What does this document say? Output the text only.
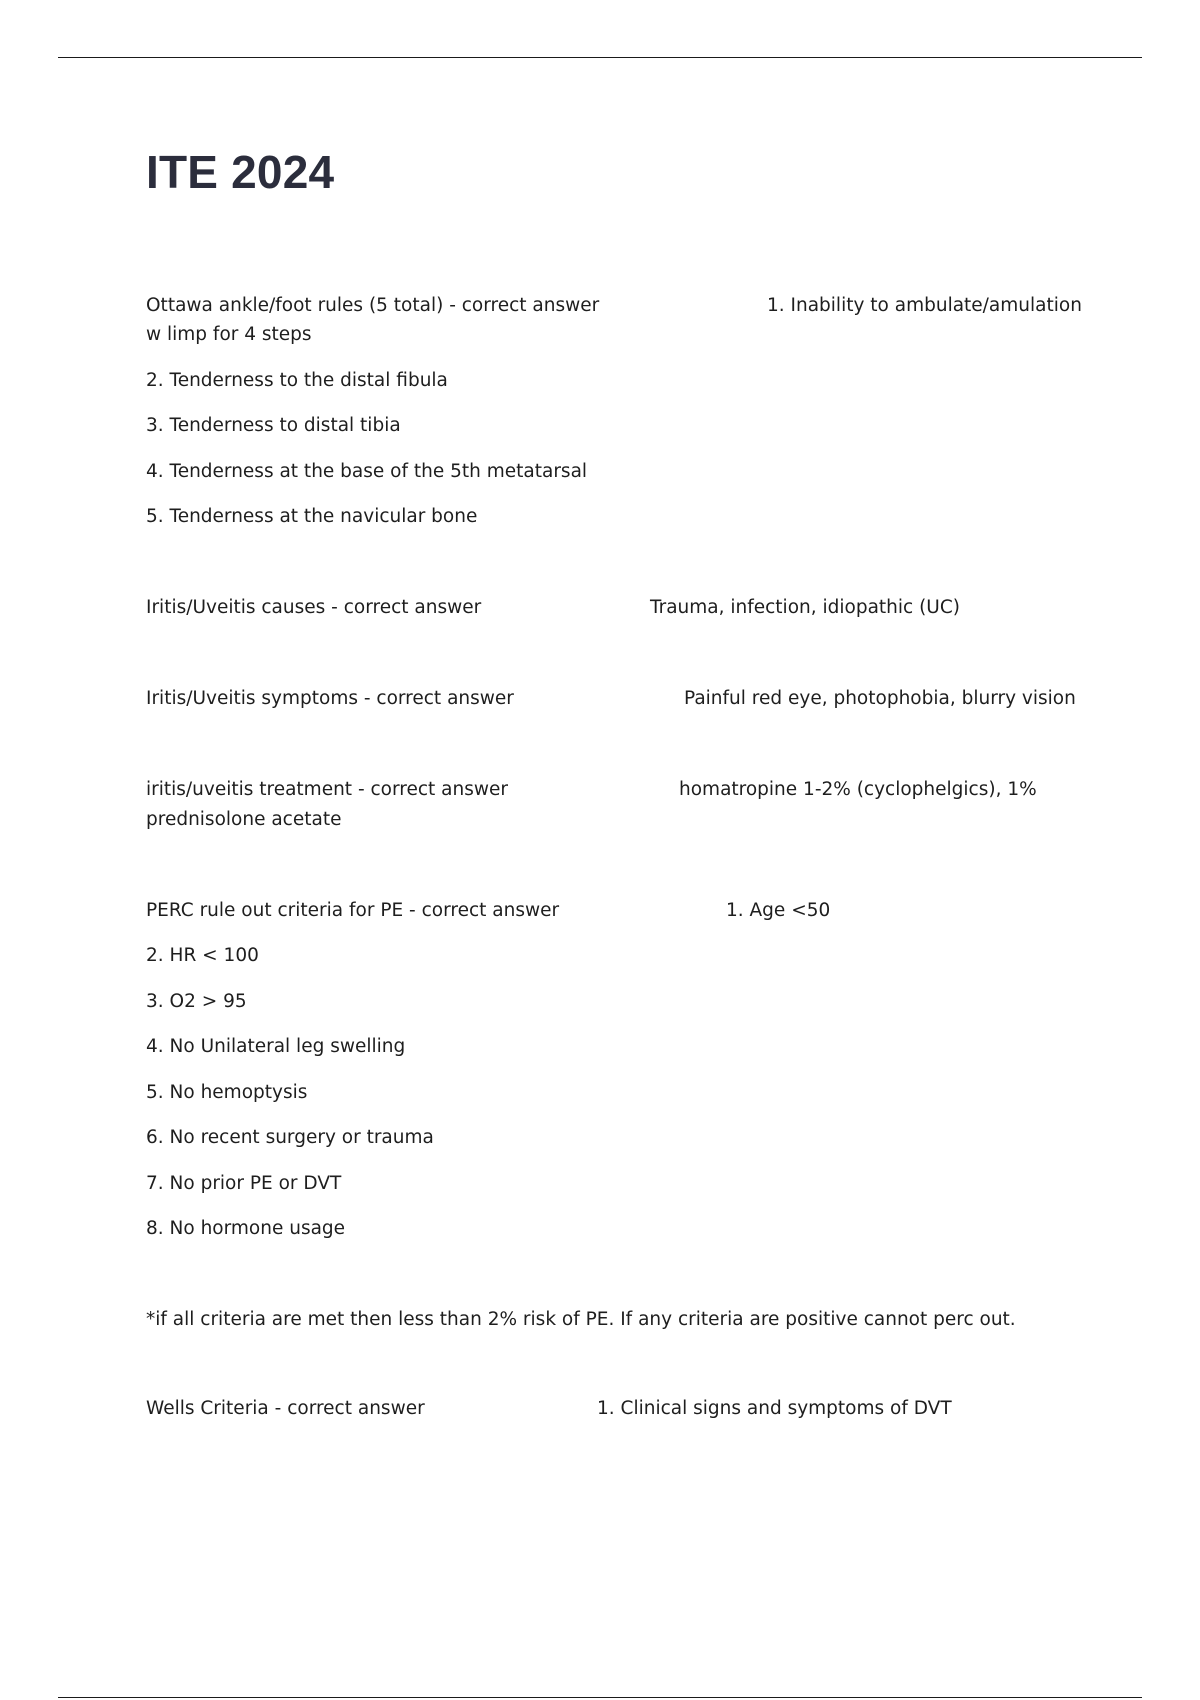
ITE 2024
Ottawa ankle/foot rules (5 total) - correct answer	1. Inability to ambulate/amulation
w limp for 4 steps
2. Tenderness to the distal fibula
3. Tenderness to distal tibia
4. Tenderness at the base of the 5th metatarsal
5. Tenderness at the navicular bone
Iritis/Uveitis causes - correct answer	Trauma, infection, idiopathic (UC)
Iritis/Uveitis symptoms - correct answer	Painful red eye, photophobia, blurry vision
iritis/uveitis treatment - correct answer	homatropine 1-2% (cyclophelgics), 1%
prednisolone acetate
PERC rule out criteria for PE - correct answer	1. Age <50
2. HR < 100
3. O2 > 95
4. No Unilateral leg swelling
5. No hemoptysis
6. No recent surgery or trauma
7. No prior PE or DVT
8. No hormone usage
*if all criteria are met then less than 2% risk of PE. If any criteria are positive cannot perc out.
Wells Criteria - correct answer	1. Clinical signs and symptoms of DVT
